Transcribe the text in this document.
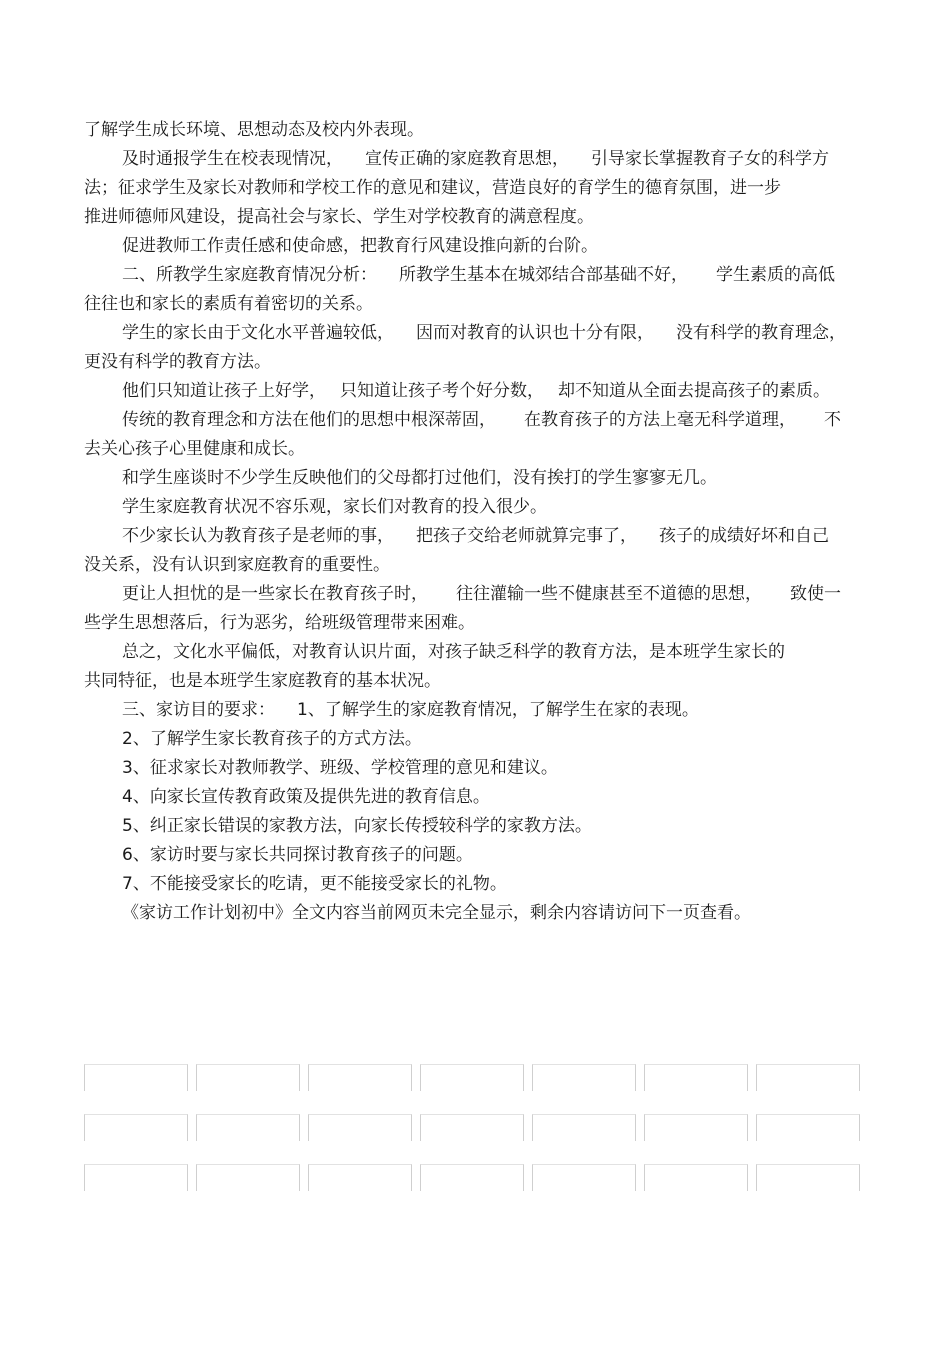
了解学生成长环境、思想动态及校内外表现。
及时通报学生在校表现情况， 宣传正确的家庭教育思想， 引导家长掌握教育子女的科学方
法；征求学生及家长对教师和学校工作的意见和建议，营造良好的育学生的德育氛围，进一步
推进师德师风建设，提高社会与家长、学生对学校教育的满意程度。
促进教师工作责任感和使命感，把教育行风建设推向新的台阶。
二、所教学生家庭教育情况分析： 所教学生基本在城郊结合部基础不好， 学生素质的高低
往往也和家长的素质有着密切的关系。
学生的家长由于文化水平普遍较低， 因而对教育的认识也十分有限， 没有科学的教育理念，
更没有科学的教育方法。
他们只知道让孩子上好学， 只知道让孩子考个好分数， 却不知道从全面去提高孩子的素质。
传统的教育理念和方法在他们的思想中根深蒂固， 在教育孩子的方法上毫无科学道理， 不
去关心孩子心里健康和成长。
和学生座谈时不少学生反映他们的父母都打过他们，没有挨打的学生寥寥无几。
学生家庭教育状况不容乐观，家长们对教育的投入很少。
不少家长认为教育孩子是老师的事， 把孩子交给老师就算完事了， 孩子的成绩好坏和自己
没关系，没有认识到家庭教育的重要性。
更让人担忧的是一些家长在教育孩子时， 往往灌输一些不健康甚至不道德的思想， 致使一
些学生思想落后，行为恶劣，给班级管理带来困难。
总之，文化水平偏低，对教育认识片面，对孩子缺乏科学的教育方法，是本班学生家长的
共同特征，也是本班学生家庭教育的基本状况。
三、家访目的要求： 1、了解学生的家庭教育情况，了解学生在家的表现。
2、了解学生家长教育孩子的方式方法。
3、征求家长对教师教学、班级、学校管理的意见和建议。
4、向家长宣传教育政策及提供先进的教育信息。
5、纠正家长错误的家教方法，向家长传授较科学的家教方法。
6、家访时要与家长共同探讨教育孩子的问题。
7、不能接受家长的吃请，更不能接受家长的礼物。
《家访工作计划初中》全文内容当前网页未完全显示，剩余内容请访问下一页查看。
